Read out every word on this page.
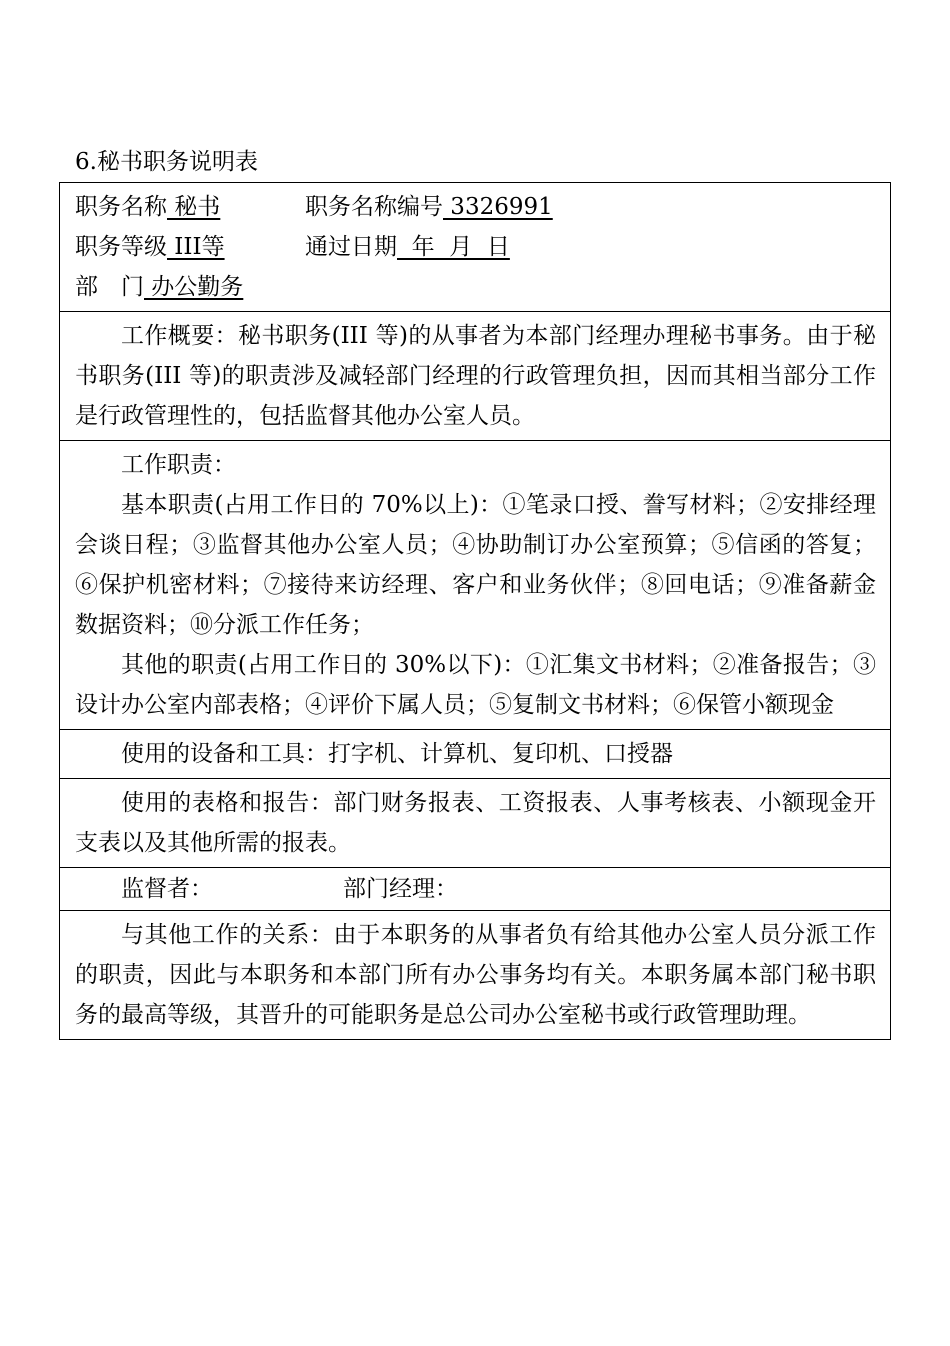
6.秘书职务说明表
职务名称 秘书	职务名称编号 3326991
职务等级 III等	通过日期  年  月  日
部　门 办公勤务

工作概要：秘书职务(III 等)的从事者为本部门经理办理秘书事务。由于秘书职务(III 等)的职责涉及减轻部门经理的行政管理负担，因而其相当部分工作是行政管理性的，包括监督其他办公室人员。

工作职责：

基本职责(占用工作日的 70%以上)：①笔录口授、誊写材料；②安排经理会谈日程；③监督其他办公室人员；④协助制订办公室预算；⑤信函的答复；⑥保护机密材料；⑦接待来访经理、客户和业务伙伴；⑧回电话；⑨准备薪金数据资料；⑩分派工作任务；

其他的职责(占用工作日的 30%以下)：①汇集文书材料；②准备报告；③设计办公室内部表格；④评价下属人员；⑤复制文书材料；⑥保管小额现金

使用的设备和工具：打字机、计算机、复印机、口授器

使用的表格和报告：部门财务报表、工资报表、人事考核表、小额现金开支表以及其他所需的报表。

监督者：	部门经理：

与其他工作的关系：由于本职务的从事者负有给其他办公室人员分派工作的职责，因此与本职务和本部门所有办公事务均有关。本职务属本部门秘书职务的最高等级，其晋升的可能职务是总公司办公室秘书或行政管理助理。
